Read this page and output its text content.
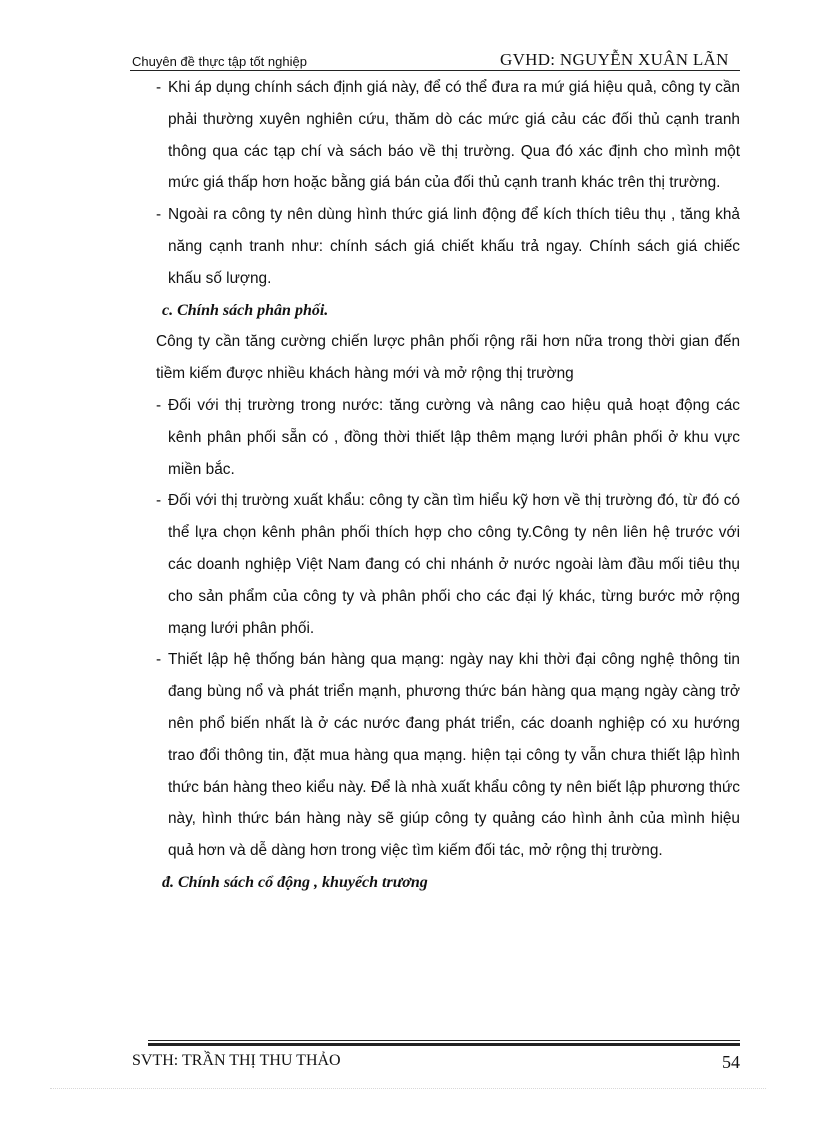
Chuyên đề thực tập tốt nghiệp	GVHD: NGUYỄN XUÂN LÃN
- Khi áp dụng chính sách định giá này, để có thể đưa ra mứ giá hiệu quả, công ty cần phải thường xuyên nghiên cứu, thăm dò các mức giá cảu các đối thủ cạnh tranh thông qua các tạp chí và sách báo về thị trường. Qua đó xác định cho mình một mức giá thấp hơn hoặc bằng giá bán của đối thủ cạnh tranh khác trên thị trường.
- Ngoài ra công ty nên dùng hình thức giá linh động để kích thích tiêu thụ , tăng khả năng cạnh tranh như: chính sách giá chiết khấu trả ngay. Chính sách giá chiếc khấu số lượng.
c. Chính sách phân phối.
Công ty cần tăng cường chiến lược phân phối rộng rãi hơn nữa trong thời gian đến tiềm kiếm được nhiều khách hàng mới và mở rộng thị trường
- Đối với thị trường trong nước: tăng cường và nâng cao hiệu quả hoạt động các kênh phân phối sẵn có , đồng thời thiết lập thêm mạng lưới phân phối ở khu vực miền bắc.
- Đối với thị trường xuất khẩu: công ty cần tìm hiểu kỹ hơn về thị trường đó, từ đó có thể lựa chọn kênh phân phối thích hợp cho công ty.Công ty nên liên hệ trước với các doanh nghiệp Việt Nam đang có chi nhánh ở nước ngoài làm đầu mối tiêu thụ cho sản phẩm của công ty và phân phối cho các đại lý khác, từng bước mở rộng mạng lưới phân phối.
- Thiết lập hệ thống bán hàng qua mạng: ngày nay khi thời đại công nghệ thông tin đang bùng nổ và phát triển mạnh, phương thức bán hàng qua mạng ngày càng trở nên phổ biến nhất là ở các nước đang phát triển, các doanh nghiệp có xu hướng trao đổi thông tin, đặt mua hàng qua mạng. hiện tại công ty vẫn chưa thiết lập hình thức bán hàng theo kiểu này. Để là nhà xuất khẩu công ty nên biết lập phương thức này, hình thức bán hàng này sẽ giúp công ty quảng cáo hình ảnh của mình hiệu quả hơn và dễ dàng hơn trong việc tìm kiếm đối tác, mở rộng thị trường.
đ. Chính sách cổ động , khuyếch trương
SVTH: TRẦN THỊ THU THẢO	54
